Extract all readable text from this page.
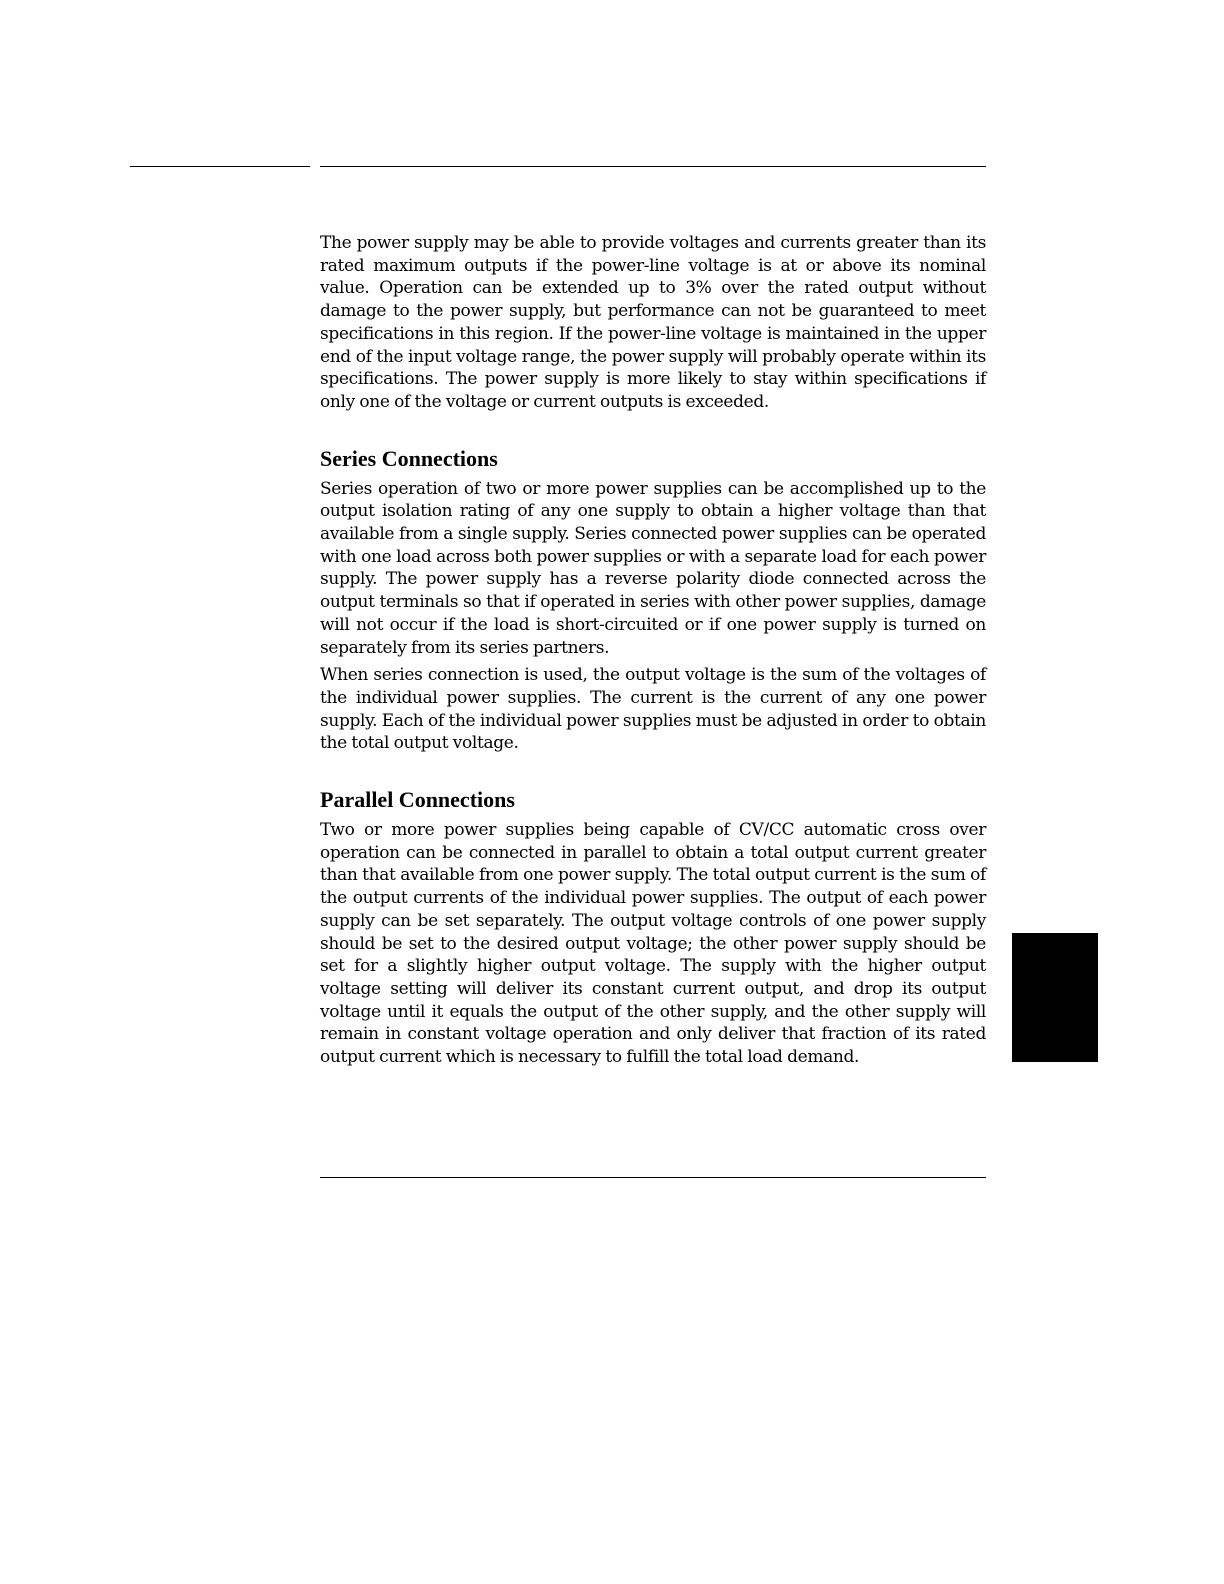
The power supply may be able to provide voltages and currents greater than its rated maximum outputs if the power-line voltage is at or above its nominal value. Operation can be extended up to 3% over the rated output without damage to the power supply, but performance can not be guaranteed to meet specifications in this region. If the power-line voltage is maintained in the upper end of the input voltage range, the power supply will probably operate within its specifications. The power supply is more likely to stay within specifications if only one of the voltage or current outputs is exceeded.

Series Connections

Series operation of two or more power supplies can be accomplished up to the output isolation rating of any one supply to obtain a higher voltage than that available from a single supply. Series connected power supplies can be operated with one load across both power supplies or with a separate load for each power supply. The power supply has a reverse polarity diode connected across the output terminals so that if operated in series with other power supplies, damage will not occur if the load is short-circuited or if one power supply is turned on separately from its series partners.

When series connection is used, the output voltage is the sum of the voltages of the individual power supplies. The current is the current of any one power supply. Each of the individual power supplies must be adjusted in order to obtain the total output voltage.

Parallel Connections

Two or more power supplies being capable of CV/CC automatic cross over operation can be connected in parallel to obtain a total output current greater than that available from one power supply. The total output current is the sum of the output currents of the individual power supplies. The output of each power supply can be set separately. The output voltage controls of one power supply should be set to the desired output voltage; the other power supply should be set for a slightly higher output voltage. The supply with the higher output voltage setting will deliver its constant current output, and drop its output voltage until it equals the output of the other supply, and the other supply will remain in constant voltage operation and only deliver that fraction of its rated output current which is necessary to fulfill the total load demand.
